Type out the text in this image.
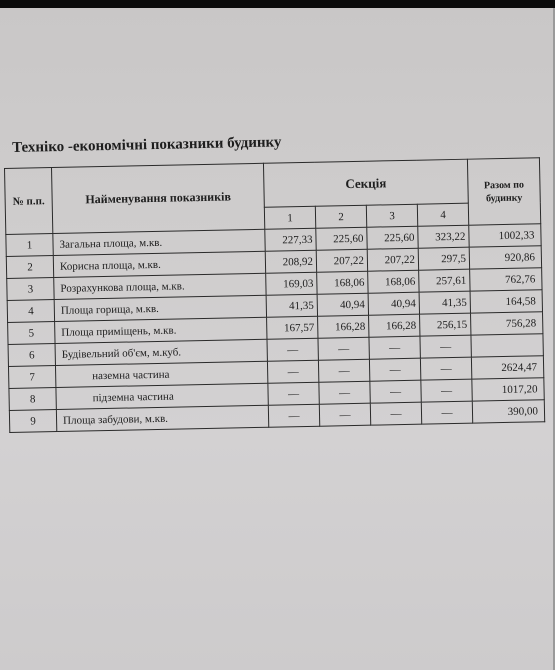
Техніко -економічні показники будинку
№ п.п.	Найменування показників	Секція				Разом по будинку
		1	2	3	4	
1	Загальна площа, м.кв.	227,33	225,60	225,60	323,22	1002,33
2	Корисна площа, м.кв.	208,92	207,22	207,22	297,5	920,86
3	Розрахункова площа, м.кв.	169,03	168,06	168,06	257,61	762,76
4	Площа горища, м.кв.	41,35	40,94	40,94	41,35	164,58
5	Площа приміщень, м.кв.	167,57	166,28	166,28	256,15	756,28
6	Будівельний об'єм, м.куб.	—	—	—	—	
7	наземна частина	—	—	—	—	2624,47
8	підземна частина	—	—	—	—	1017,20
9	Площа забудови, м.кв.	—	—	—	—	390,00
